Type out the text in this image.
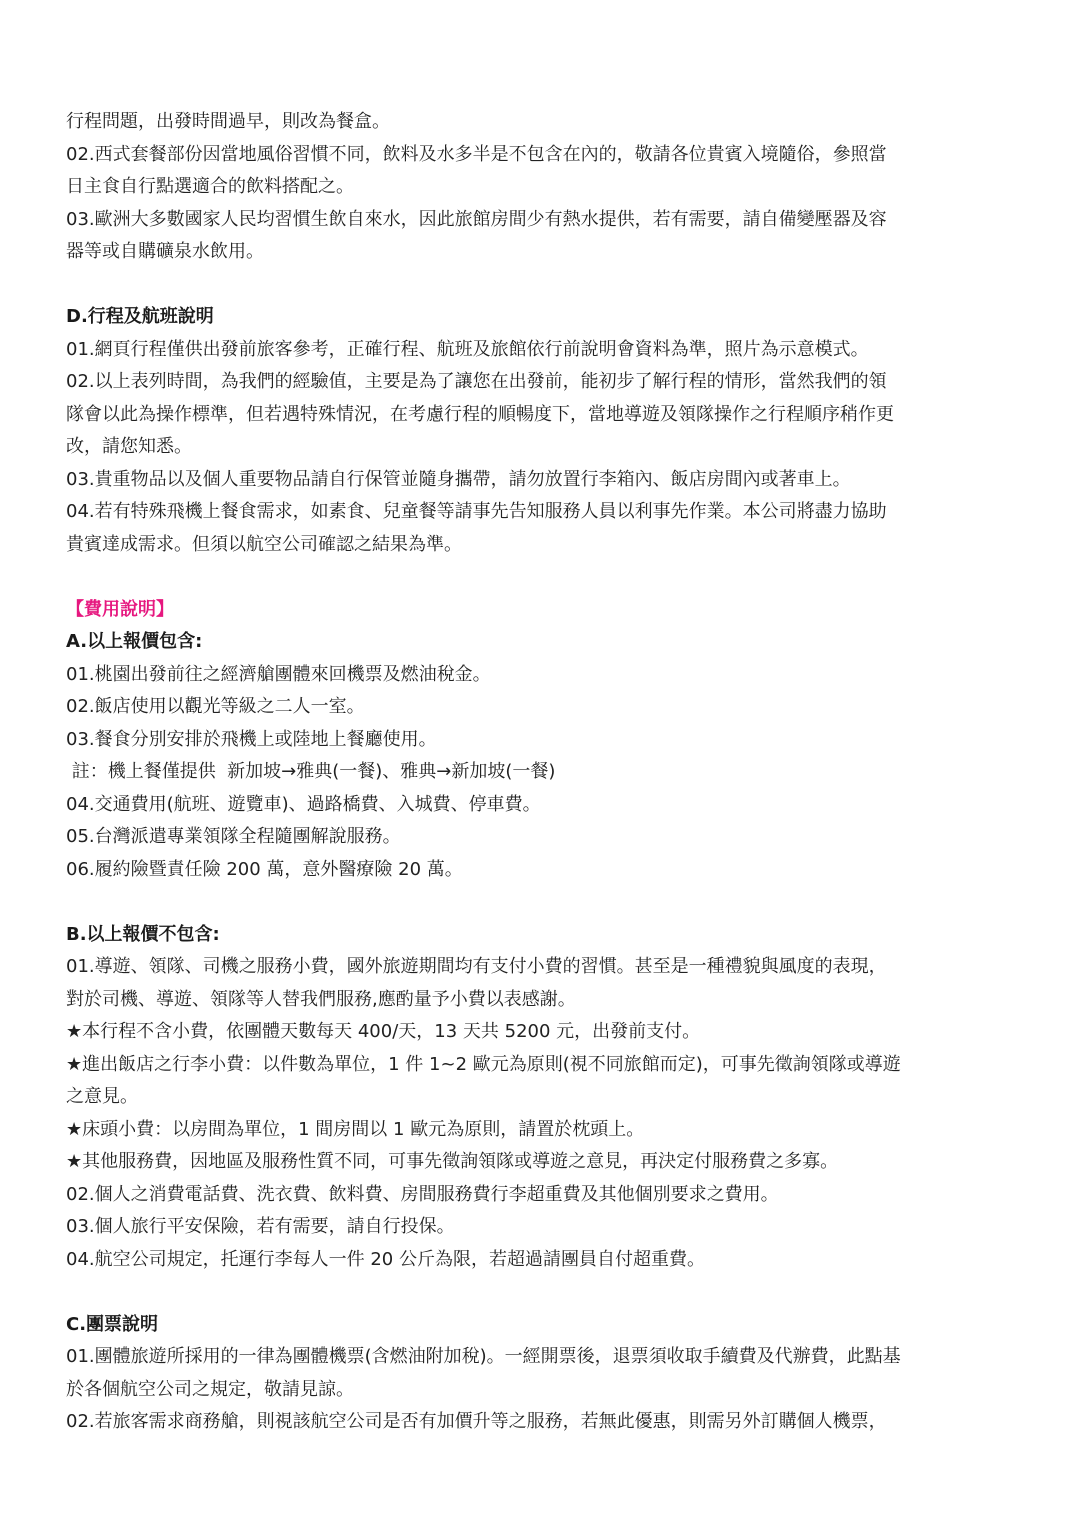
行程問題，出發時間過早，則改為餐盒。
02.西式套餐部份因當地風俗習慣不同，飲料及水多半是不包含在內的，敬請各位貴賓入境隨俗，參照當
日主食自行點選適合的飲料搭配之。
03.歐洲大多數國家人民均習慣生飲自來水，因此旅館房間少有熱水提供，若有需要，請自備變壓器及容
器等或自購礦泉水飲用。
D.行程及航班說明
01.網頁行程僅供出發前旅客參考，正確行程、航班及旅館依行前說明會資料為準，照片為示意模式。
02.以上表列時間，為我們的經驗值，主要是為了讓您在出發前，能初步了解行程的情形，當然我們的領
隊會以此為操作標準，但若遇特殊情況，在考慮行程的順暢度下，當地導遊及領隊操作之行程順序稍作更
改，請您知悉。
03.貴重物品以及個人重要物品請自行保管並隨身攜帶，請勿放置行李箱內、飯店房間內或著車上。
04.若有特殊飛機上餐食需求，如素食、兒童餐等請事先告知服務人員以利事先作業。本公司將盡力協助
貴賓達成需求。但須以航空公司確認之結果為準。
【費用說明】
A.以上報價包含:
01.桃園出發前往之經濟艙團體來回機票及燃油稅金。
02.飯店使用以觀光等級之二人一室。
03.餐食分別安排於飛機上或陸地上餐廳使用。
註：機上餐僅提供  新加坡→雅典(一餐)、雅典→新加坡(一餐)
04.交通費用(航班、遊覽車)、過路橋費、入城費、停車費。
05.台灣派遣專業領隊全程隨團解說服務。
06.履約險暨責任險 200 萬，意外醫療險 20 萬。
B.以上報價不包含:
01.導遊、領隊、司機之服務小費，國外旅遊期間均有支付小費的習慣。甚至是一種禮貌與風度的表現，
對於司機、導遊、領隊等人替我們服務,應酌量予小費以表感謝。
★本行程不含小費，依團體天數每天 400/天，13 天共 5200 元，出發前支付。
★進出飯店之行李小費：以件數為單位，1 件 1~2 歐元為原則(視不同旅館而定)，可事先徵詢領隊或導遊
之意見。
★床頭小費：以房間為單位，1 間房間以 1 歐元為原則，請置於枕頭上。
★其他服務費，因地區及服務性質不同，可事先徵詢領隊或導遊之意見，再決定付服務費之多寡。
02.個人之消費電話費、洗衣費、飲料費、房間服務費行李超重費及其他個別要求之費用。
03.個人旅行平安保險，若有需要，請自行投保。
04.航空公司規定，托運行李每人一件 20 公斤為限，若超過請團員自付超重費。
C.團票說明
01.團體旅遊所採用的一律為團體機票(含燃油附加稅)。一經開票後，退票須收取手續費及代辦費，此點基
於各個航空公司之規定，敬請見諒。
02.若旅客需求商務艙，則視該航空公司是否有加價升等之服務，若無此優惠，則需另外訂購個人機票，
